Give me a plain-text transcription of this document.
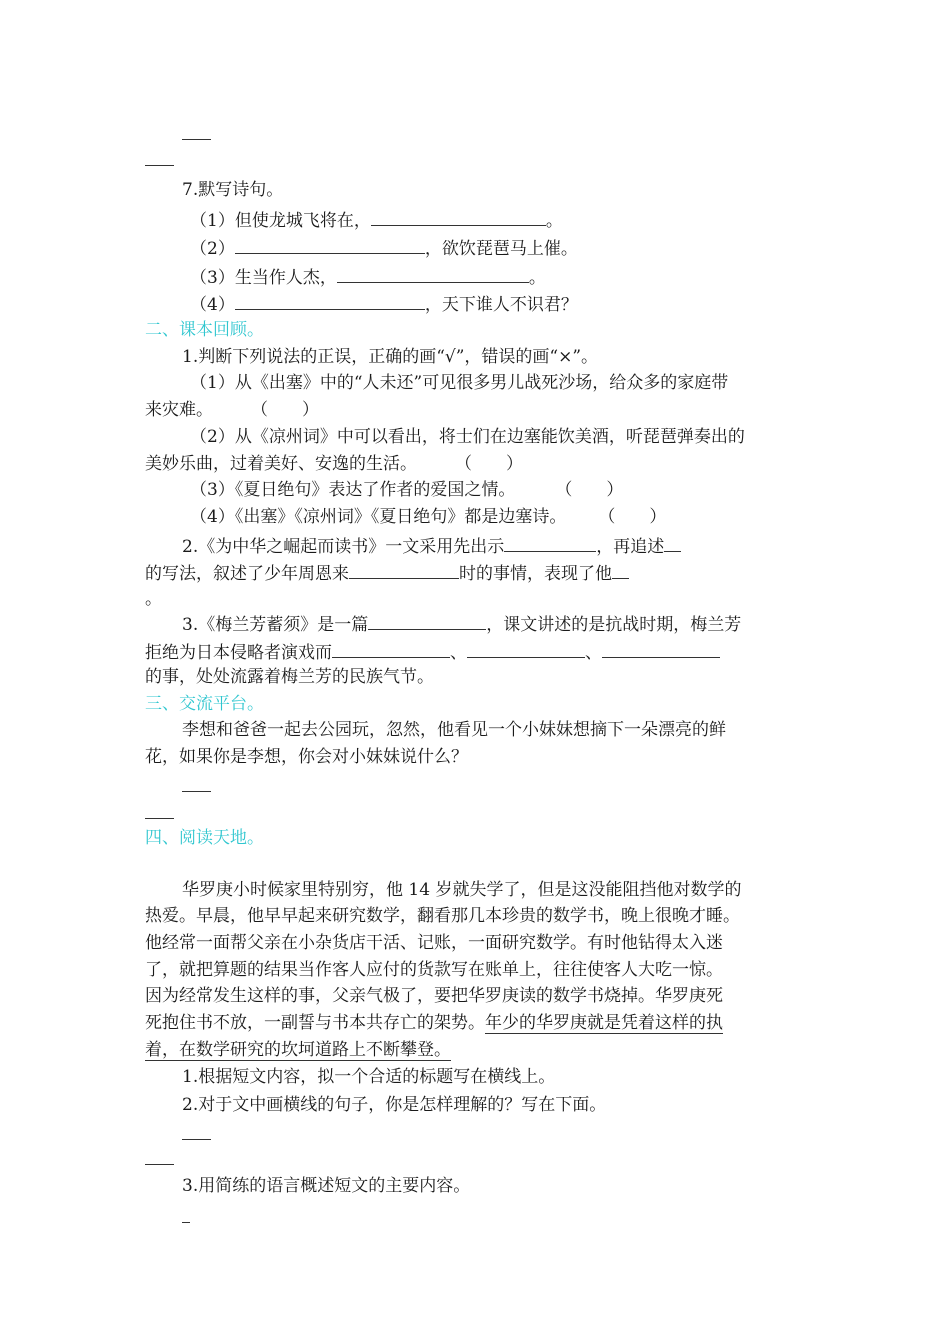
7.默写诗句。
（1）但使龙城飞将在，	。
（2）	，欲饮琵琶马上催。
（3）生当作人杰，	。
（4）	，天下谁人不识君？
二、课本回顾。
1.判断下列说法的正误，正确的画“√”，错误的画“×”。
（1）从《出塞》中的“人未还”可见很多男儿战死沙场，给众多的家庭带
来灾难。 （　　）
（2）从《凉州词》中可以看出，将士们在边塞能饮美酒，听琵琶弹奏出的
美妙乐曲，过着美好、安逸的生活。 （　　）
（3）《夏日绝句》表达了作者的爱国之情。 （　　）
（4）《出塞》《凉州词》《夏日绝句》都是边塞诗。 （　　）
2.《为中华之崛起而读书》一文采用先出示	，再追述
的写法，叙述了少年周恩来	时的事情，表现了他
。
3.《梅兰芳蓄须》是一篇	，课文讲述的是抗战时期，梅兰芳
拒绝为日本侵略者演戏而	、	、
的事，处处流露着梅兰芳的民族气节。
三、交流平台。
李想和爸爸一起去公园玩，忽然，他看见一个小妹妹想摘下一朵漂亮的鲜
花，如果你是李想，你会对小妹妹说什么？
四、阅读天地。
华罗庚小时候家里特别穷，他 14 岁就失学了，但是这没能阻挡他对数学的
热爱。早晨，他早早起来研究数学，翻看那几本珍贵的数学书，晚上很晚才睡。
他经常一面帮父亲在小杂货店干活、记账，一面研究数学。有时他钻得太入迷
了，就把算题的结果当作客人应付的货款写在账单上，往往使客人大吃一惊。
因为经常发生这样的事，父亲气极了，要把华罗庚读的数学书烧掉。华罗庚死
死抱住书不放，一副誓与书本共存亡的架势。年少的华罗庚就是凭着这样的执
着，在数学研究的坎坷道路上不断攀登。
1.根据短文内容，拟一个合适的标题写在横线上。
2.对于文中画横线的句子，你是怎样理解的？写在下面。
3.用简练的语言概述短文的主要内容。
